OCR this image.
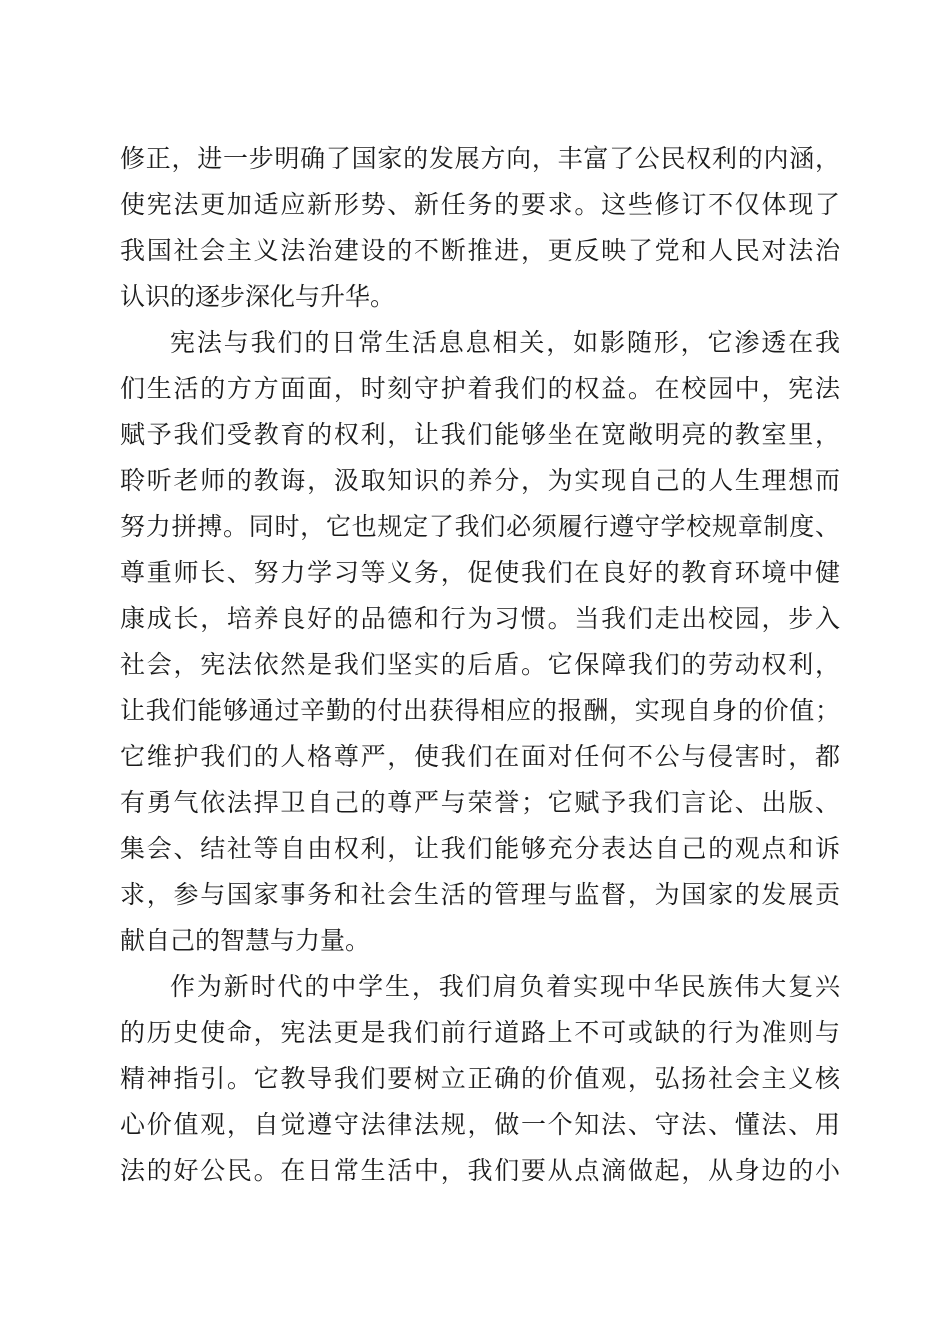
修正，进一步明确了国家的发展方向，丰富了公民权利的内涵，
使宪法更加适应新形势、新任务的要求。这些修订不仅体现了
我国社会主义法治建设的不断推进，更反映了党和人民对法治
认识的逐步深化与升华。

宪法与我们的日常生活息息相关，如影随形，它渗透在我
们生活的方方面面，时刻守护着我们的权益。在校园中，宪法
赋予我们受教育的权利，让我们能够坐在宽敞明亮的教室里，
聆听老师的教诲，汲取知识的养分，为实现自己的人生理想而
努力拼搏。同时，它也规定了我们必须履行遵守学校规章制度、
尊重师长、努力学习等义务，促使我们在良好的教育环境中健
康成长，培养良好的品德和行为习惯。当我们走出校园，步入
社会，宪法依然是我们坚实的后盾。它保障我们的劳动权利，
让我们能够通过辛勤的付出获得相应的报酬，实现自身的价值；
它维护我们的人格尊严，使我们在面对任何不公与侵害时，都
有勇气依法捍卫自己的尊严与荣誉；它赋予我们言论、出版、
集会、结社等自由权利，让我们能够充分表达自己的观点和诉
求，参与国家事务和社会生活的管理与监督，为国家的发展贡
献自己的智慧与力量。

作为新时代的中学生，我们肩负着实现中华民族伟大复兴
的历史使命，宪法更是我们前行道路上不可或缺的行为准则与
精神指引。它教导我们要树立正确的价值观，弘扬社会主义核
心价值观，自觉遵守法律法规，做一个知法、守法、懂法、用
法的好公民。在日常生活中，我们要从点滴做起，从身边的小
